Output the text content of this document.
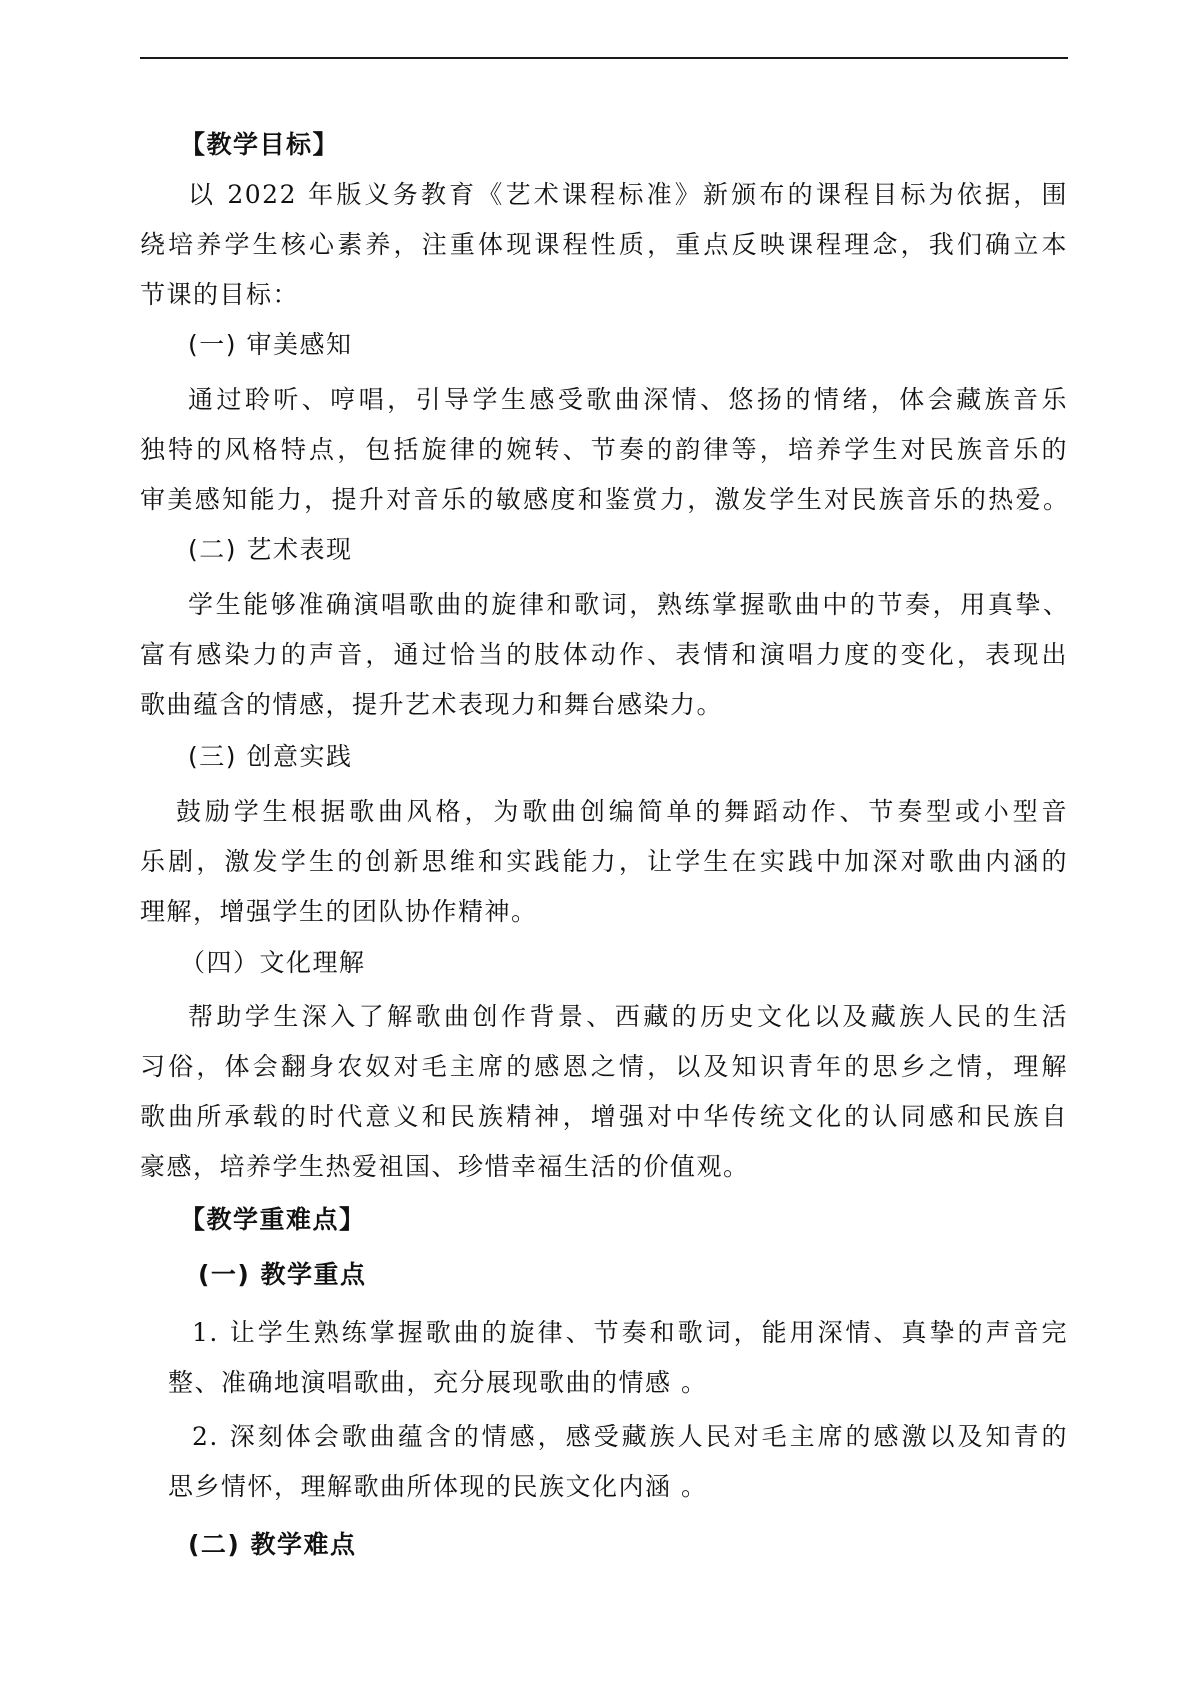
【教学目标】
以 2022 年版义务教育《艺术课程标准》新颁布的课程目标为依据，围
绕培养学生核心素养，注重体现课程性质，重点反映课程理念，我们确立本
节课的目标：
(一) 审美感知
通过聆听、哼唱，引导学生感受歌曲深情、悠扬的情绪，体会藏族音乐
独特的风格特点，包括旋律的婉转、节奏的韵律等，培养学生对民族音乐的
审美感知能力，提升对音乐的敏感度和鉴赏力，激发学生对民族音乐的热爱。
(二) 艺术表现
学生能够准确演唱歌曲的旋律和歌词，熟练掌握歌曲中的节奏，用真挚、
富有感染力的声音，通过恰当的肢体动作、表情和演唱力度的变化，表现出
歌曲蕴含的情感，提升艺术表现力和舞台感染力。
(三) 创意实践
鼓励学生根据歌曲风格，为歌曲创编简单的舞蹈动作、节奏型或小型音
乐剧，激发学生的创新思维和实践能力，让学生在实践中加深对歌曲内涵的
理解，增强学生的团队协作精神。
（四）文化理解
帮助学生深入了解歌曲创作背景、西藏的历史文化以及藏族人民的生活
习俗，体会翻身农奴对毛主席的感恩之情，以及知识青年的思乡之情，理解
歌曲所承载的时代意义和民族精神，增强对中华传统文化的认同感和民族自
豪感，培养学生热爱祖国、珍惜幸福生活的价值观。
【教学重难点】
(一) 教学重点
1. 让学生熟练掌握歌曲的旋律、节奏和歌词，能用深情、真挚的声音完
整、准确地演唱歌曲，充分展现歌曲的情感 。
2. 深刻体会歌曲蕴含的情感，感受藏族人民对毛主席的感激以及知青的
思乡情怀，理解歌曲所体现的民族文化内涵 。
(二) 教学难点
